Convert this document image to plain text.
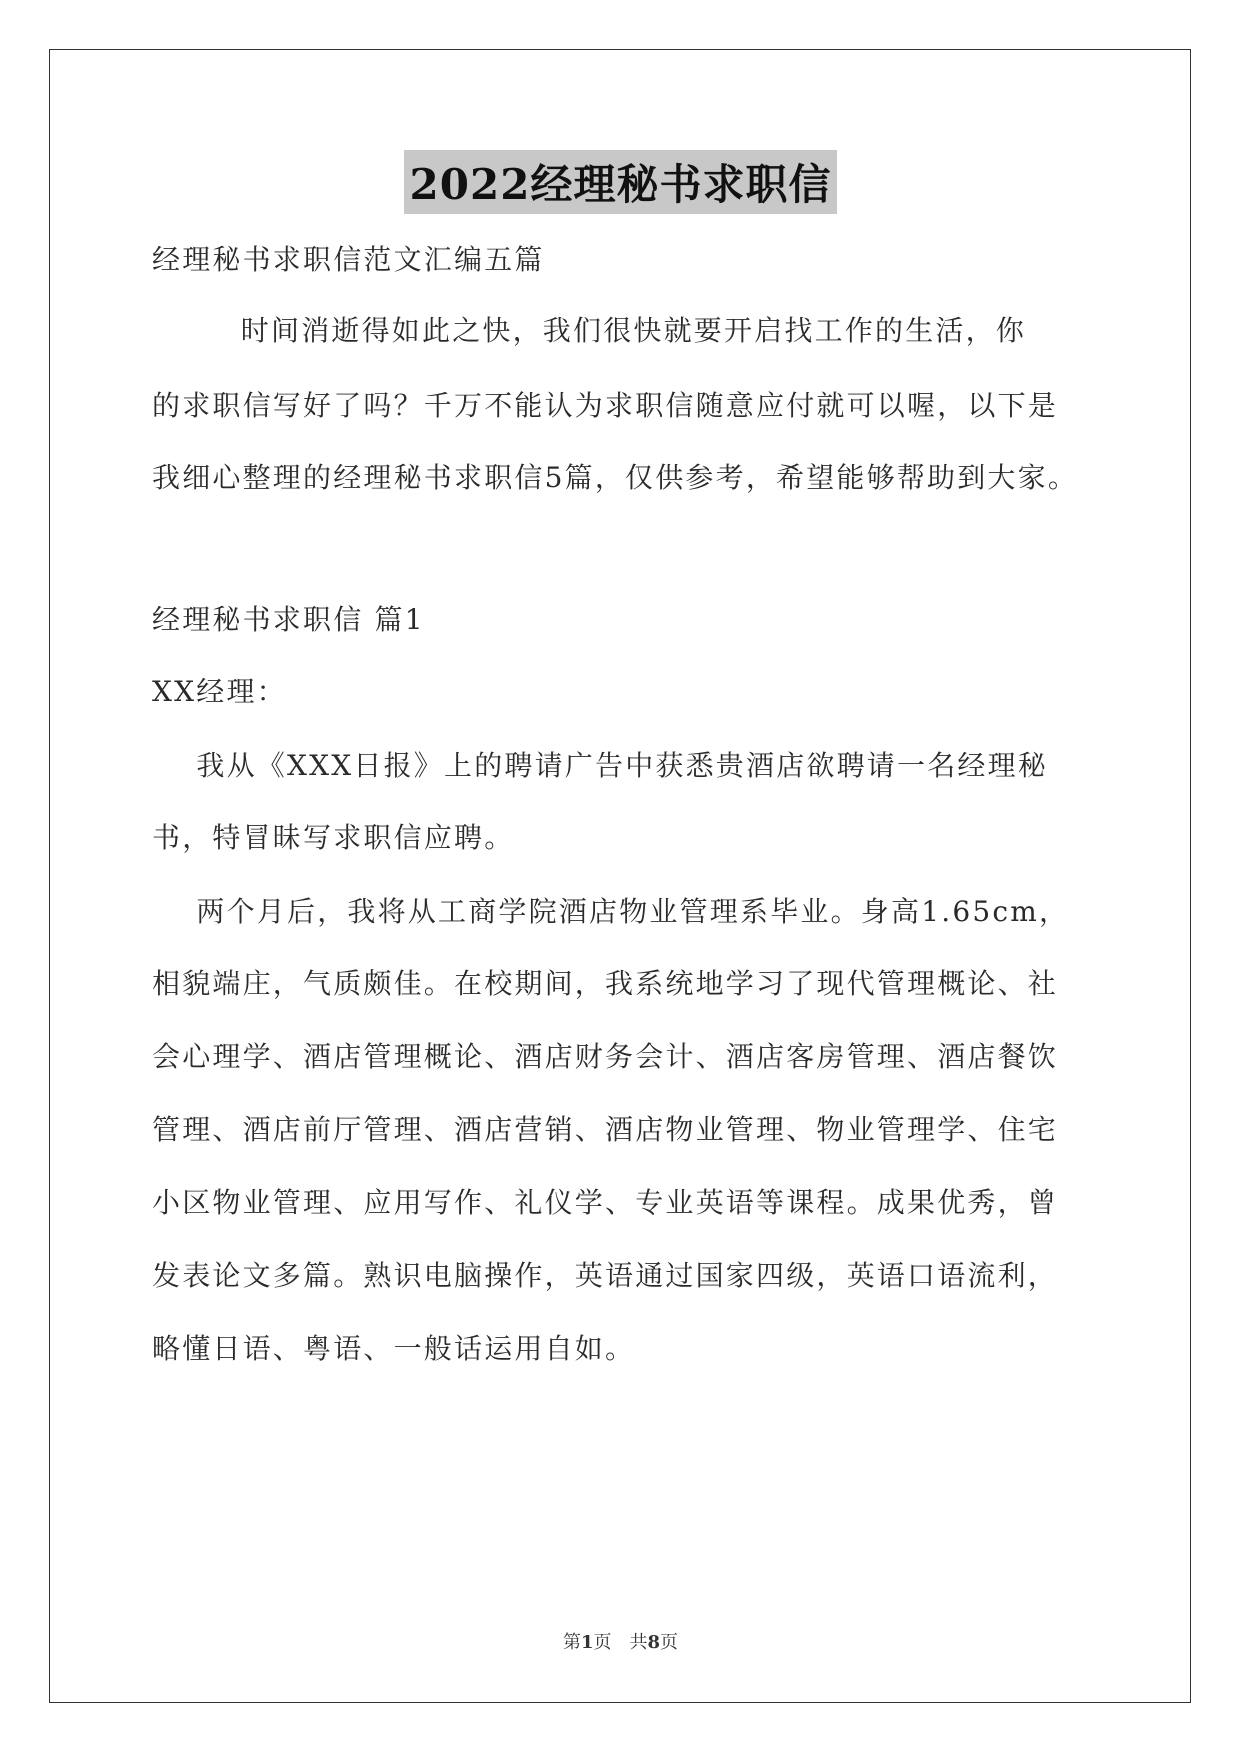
2022经理秘书求职信
经理秘书求职信范文汇编五篇
时间消逝得如此之快，我们很快就要开启找工作的生活，你
的求职信写好了吗？千万不能认为求职信随意应付就可以喔，以下是
我细心整理的经理秘书求职信5篇，仅供参考，希望能够帮助到大家。
经理秘书求职信 篇1
XX经理：
我从《XXX日报》上的聘请广告中获悉贵酒店欲聘请一名经理秘
书，特冒昧写求职信应聘。
两个月后，我将从工商学院酒店物业管理系毕业。身高1.65cm，
相貌端庄，气质颇佳。在校期间，我系统地学习了现代管理概论、社
会心理学、酒店管理概论、酒店财务会计、酒店客房管理、酒店餐饮
管理、酒店前厅管理、酒店营销、酒店物业管理、物业管理学、住宅
小区物业管理、应用写作、礼仪学、专业英语等课程。成果优秀，曾
发表论文多篇。熟识电脑操作，英语通过国家四级，英语口语流利，
略懂日语、粤语、一般话运用自如。
第1页　共8页
